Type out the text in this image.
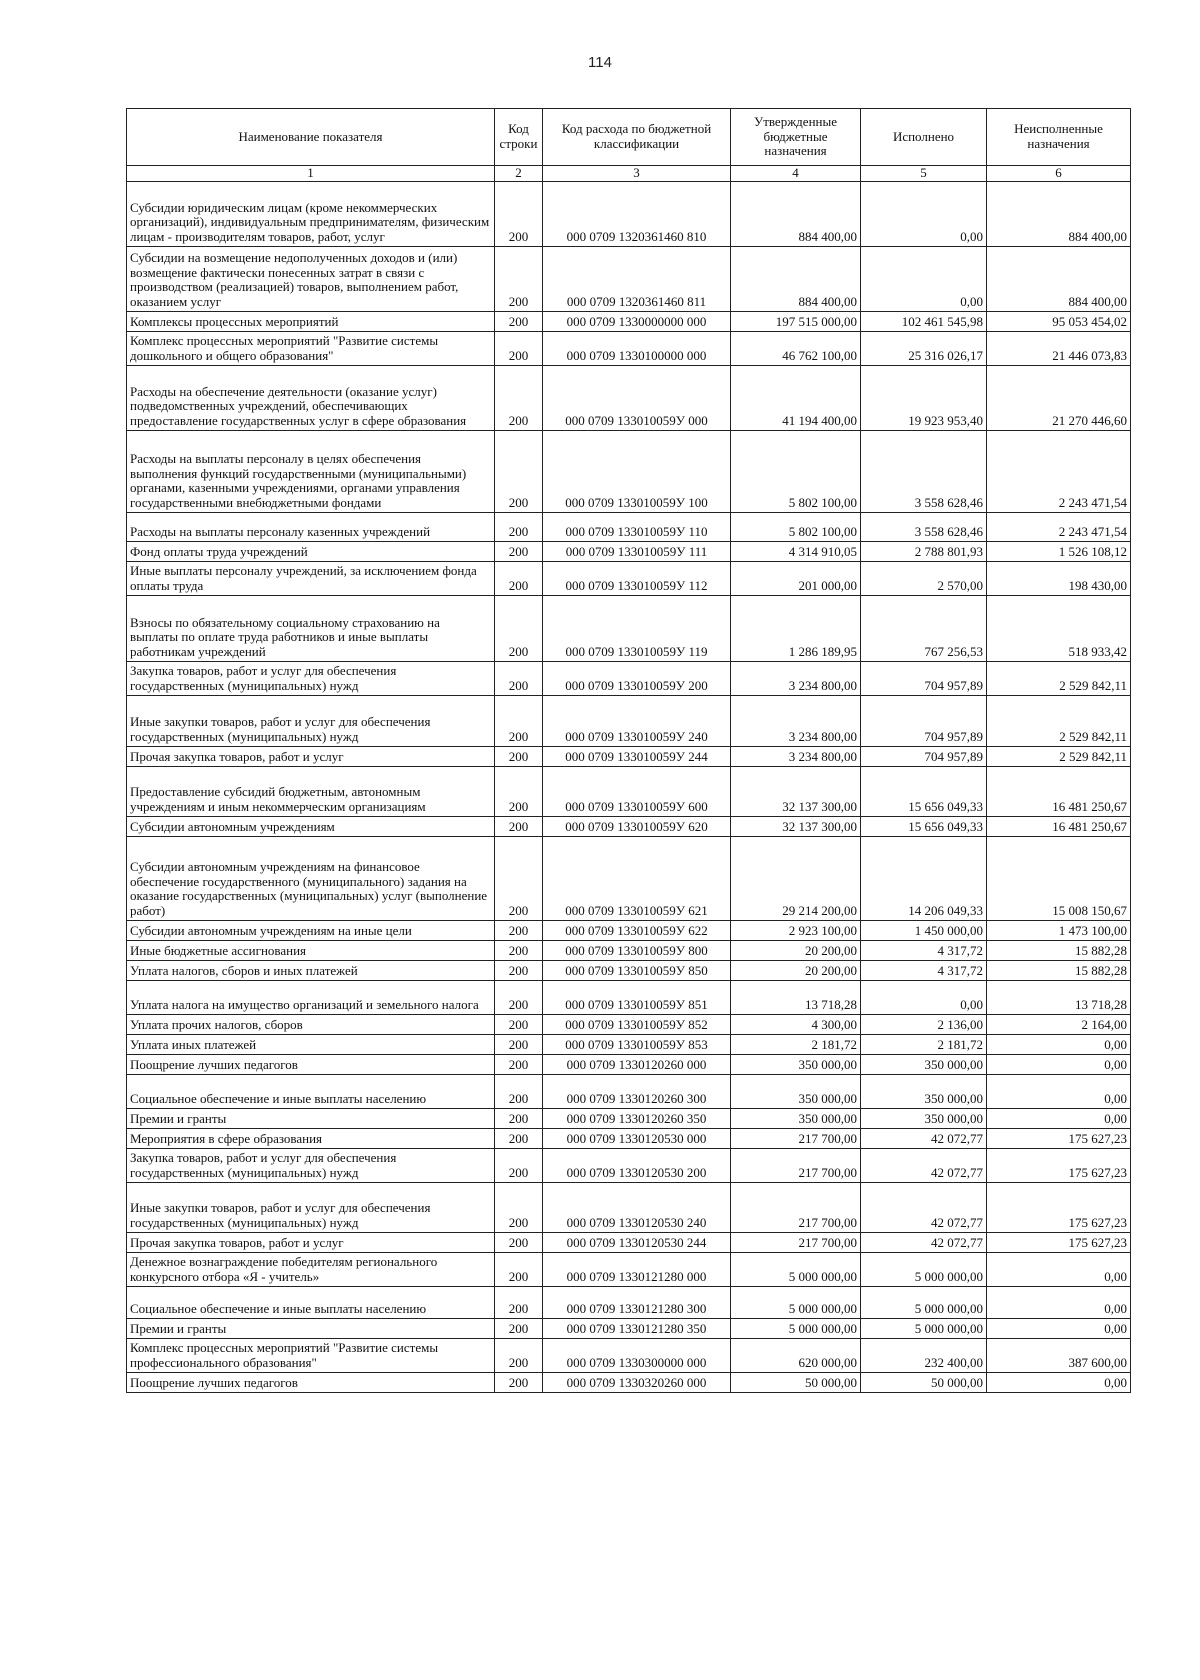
114
Наименование показателя	Код строки	Код расхода по бюджетной классификации	Утвержденные бюджетные назначения	Исполнено	Неисполненные назначения
1	2	3	4	5	6
Субсидии юридическим лицам (кроме некоммерческих организаций), индивидуальным предпринимателям, физическим лицам - производителям товаров, работ, услуг	200	000 0709 1320361460 810	884 400,00	0,00	884 400,00
Субсидии на возмещение недополученных доходов и (или) возмещение фактически понесенных затрат в связи с производством (реализацией) товаров, выполнением работ, оказанием услуг	200	000 0709 1320361460 811	884 400,00	0,00	884 400,00
Комплексы процессных мероприятий	200	000 0709 1330000000 000	197 515 000,00	102 461 545,98	95 053 454,02
Комплекс процессных мероприятий "Развитие системы дошкольного и общего образования"	200	000 0709 1330100000 000	46 762 100,00	25 316 026,17	21 446 073,83
Расходы на обеспечение деятельности (оказание услуг) подведомственных учреждений, обеспечивающих предоставление государственных услуг в сфере образования	200	000 0709 133010059У 000	41 194 400,00	19 923 953,40	21 270 446,60
Расходы на выплаты персоналу в целях обеспечения выполнения функций государственными (муниципальными) органами, казенными учреждениями, органами управления государственными внебюджетными фондами	200	000 0709 133010059У 100	5 802 100,00	3 558 628,46	2 243 471,54
Расходы на выплаты персоналу казенных учреждений	200	000 0709 133010059У 110	5 802 100,00	3 558 628,46	2 243 471,54
Фонд оплаты труда учреждений	200	000 0709 133010059У 111	4 314 910,05	2 788 801,93	1 526 108,12
Иные выплаты персоналу учреждений, за исключением фонда оплаты труда	200	000 0709 133010059У 112	201 000,00	2 570,00	198 430,00
Взносы по обязательному социальному страхованию на выплаты по оплате труда работников и иные выплаты работникам учреждений	200	000 0709 133010059У 119	1 286 189,95	767 256,53	518 933,42
Закупка товаров, работ и услуг для обеспечения государственных (муниципальных) нужд	200	000 0709 133010059У 200	3 234 800,00	704 957,89	2 529 842,11
Иные закупки товаров, работ и услуг для обеспечения государственных (муниципальных) нужд	200	000 0709 133010059У 240	3 234 800,00	704 957,89	2 529 842,11
Прочая закупка товаров, работ и услуг	200	000 0709 133010059У 244	3 234 800,00	704 957,89	2 529 842,11
Предоставление субсидий бюджетным, автономным учреждениям и иным некоммерческим организациям	200	000 0709 133010059У 600	32 137 300,00	15 656 049,33	16 481 250,67
Субсидии автономным учреждениям	200	000 0709 133010059У 620	32 137 300,00	15 656 049,33	16 481 250,67
Субсидии автономным учреждениям на финансовое обеспечение государственного (муниципального) задания на оказание государственных (муниципальных) услуг (выполнение работ)	200	000 0709 133010059У 621	29 214 200,00	14 206 049,33	15 008 150,67
Субсидии автономным учреждениям на иные цели	200	000 0709 133010059У 622	2 923 100,00	1 450 000,00	1 473 100,00
Иные бюджетные ассигнования	200	000 0709 133010059У 800	20 200,00	4 317,72	15 882,28
Уплата налогов, сборов и иных платежей	200	000 0709 133010059У 850	20 200,00	4 317,72	15 882,28
Уплата налога на имущество организаций и земельного налога	200	000 0709 133010059У 851	13 718,28	0,00	13 718,28
Уплата прочих налогов, сборов	200	000 0709 133010059У 852	4 300,00	2 136,00	2 164,00
Уплата иных платежей	200	000 0709 133010059У 853	2 181,72	2 181,72	0,00
Поощрение лучших педагогов	200	000 0709 1330120260 000	350 000,00	350 000,00	0,00
Социальное обеспечение и иные выплаты населению	200	000 0709 1330120260 300	350 000,00	350 000,00	0,00
Премии и гранты	200	000 0709 1330120260 350	350 000,00	350 000,00	0,00
Мероприятия в сфере образования	200	000 0709 1330120530 000	217 700,00	42 072,77	175 627,23
Закупка товаров, работ и услуг для обеспечения государственных (муниципальных) нужд	200	000 0709 1330120530 200	217 700,00	42 072,77	175 627,23
Иные закупки товаров, работ и услуг для обеспечения государственных (муниципальных) нужд	200	000 0709 1330120530 240	217 700,00	42 072,77	175 627,23
Прочая закупка товаров, работ и услуг	200	000 0709 1330120530 244	217 700,00	42 072,77	175 627,23
Денежное вознаграждение победителям регионального конкурсного отбора «Я - учитель»	200	000 0709 1330121280 000	5 000 000,00	5 000 000,00	0,00
Социальное обеспечение и иные выплаты населению	200	000 0709 1330121280 300	5 000 000,00	5 000 000,00	0,00
Премии и гранты	200	000 0709 1330121280 350	5 000 000,00	5 000 000,00	0,00
Комплекс процессных мероприятий "Развитие системы профессионального образования"	200	000 0709 1330300000 000	620 000,00	232 400,00	387 600,00
Поощрение лучших педагогов	200	000 0709 1330320260 000	50 000,00	50 000,00	0,00
